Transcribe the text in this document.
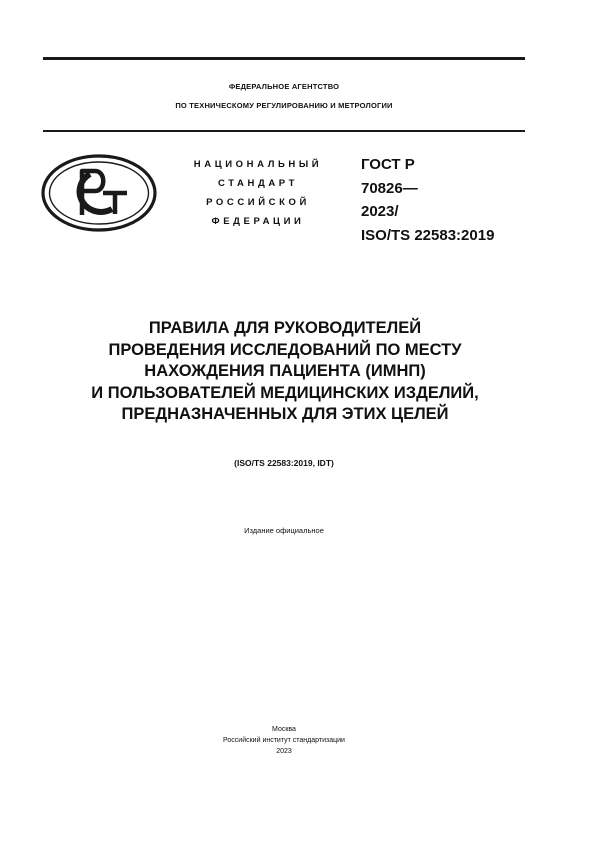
ФЕДЕРАЛЬНОЕ АГЕНТСТВО
ПО ТЕХНИЧЕСКОМУ РЕГУЛИРОВАНИЮ И МЕТРОЛОГИИ
НАЦИОНАЛЬНЫЙ
СТАНДАРТ
РОССИЙСКОЙ
ФЕДЕРАЦИИ
ГОСТ Р
70826—
2023/
ISO/TS 22583:2019
ПРАВИЛА ДЛЯ РУКОВОДИТЕЛЕЙ
ПРОВЕДЕНИЯ ИССЛЕДОВАНИЙ ПО МЕСТУ
НАХОЖДЕНИЯ ПАЦИЕНТА (ИМНП)
И ПОЛЬЗОВАТЕЛЕЙ МЕДИЦИНСКИХ ИЗДЕЛИЙ,
ПРЕДНАЗНАЧЕННЫХ ДЛЯ ЭТИХ ЦЕЛЕЙ
(ISO/TS 22583:2019, IDT)
Издание официальное
Москва
Российский институт стандартизации
2023
